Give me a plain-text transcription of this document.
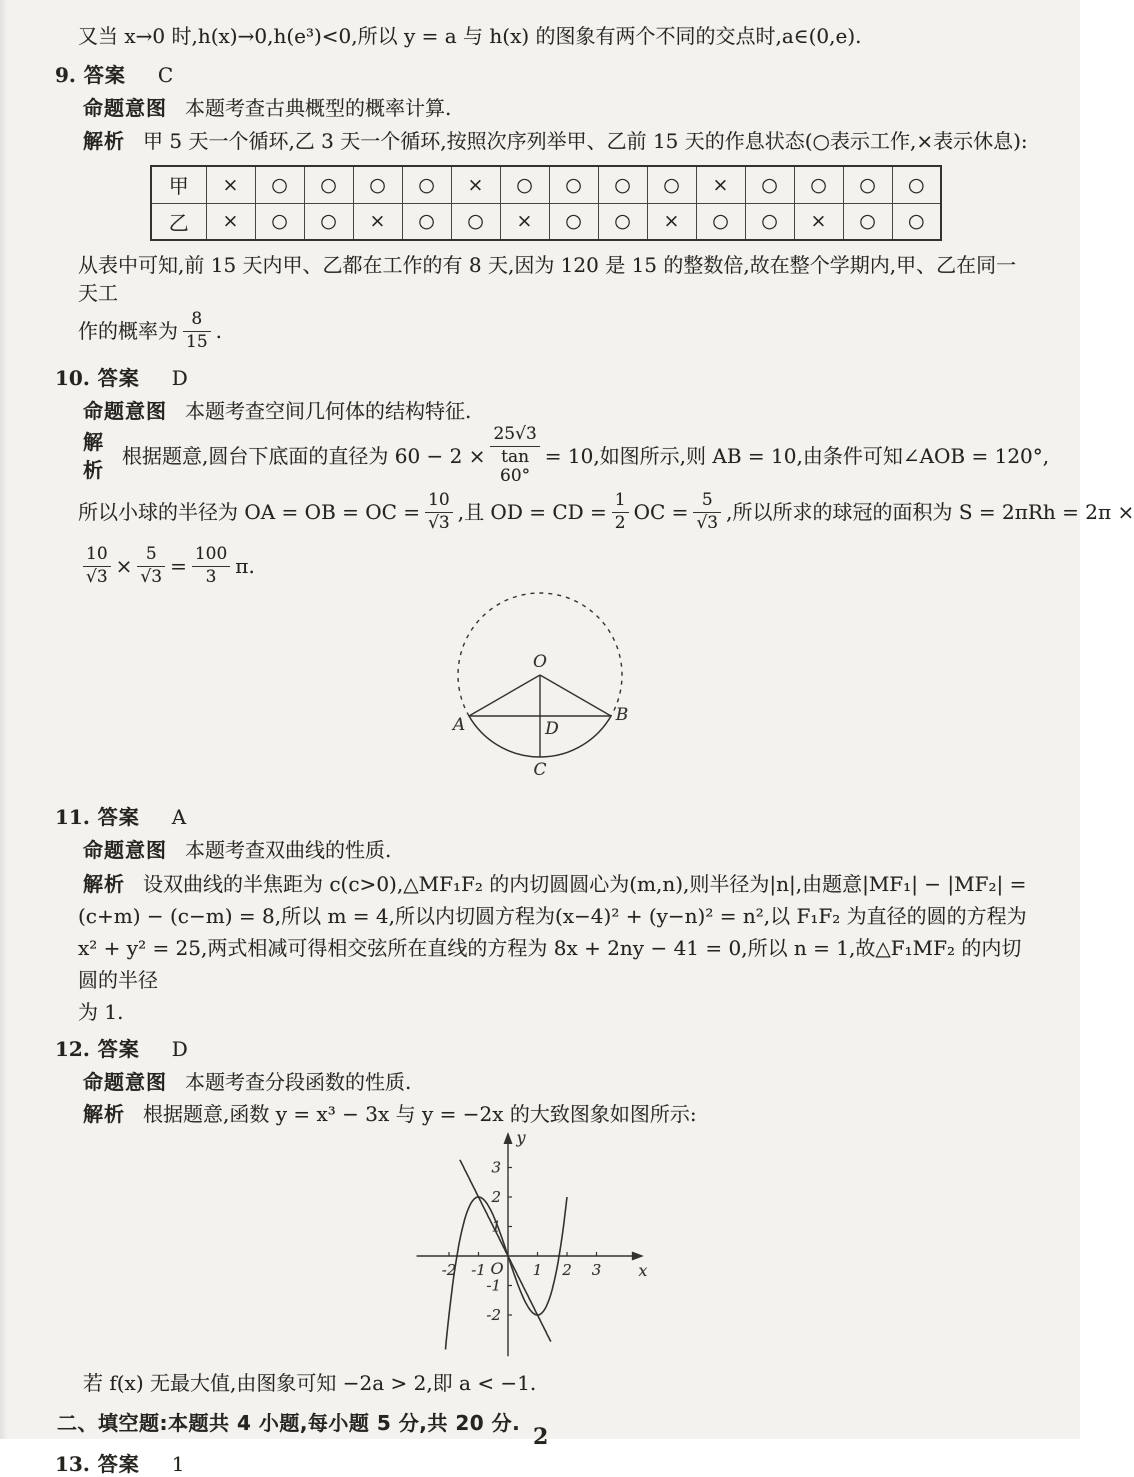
又当 x→0 时,h(x)→0,h(e³)<0,所以 y = a 与 h(x) 的图象有两个不同的交点时,a∈(0,e).

9. 答案 C

命题意图 本题考查古典概型的概率计算.

解析 甲 5 天一个循环,乙 3 天一个循环,按照次序列举甲、乙前 15 天的作息状态(○表示工作,×表示休息):

甲	×	○	○	○	○	×	○	○	○	○	×	○	○	○	○
乙	×	○	○	×	○	○	×	○	○	×	○	○	×	○	○

从表中可知,前 15 天内甲、乙都在工作的有 8 天,因为 120 是 15 的整数倍,故在整个学期内,甲、乙在同一天工

作的概率为 $\frac{8}{15}$ .

10. 答案 D

命题意图 本题考查空间几何体的结构特征.

解析
根据题意,圆台下底面的直径为 $60 - 2 \times \frac{25√3}{\tan 60^\circ} = 10$,如图所示,则 AB = 10,由条件可知∠AOB = 120°,
所以小球的半径为 OA = OB = OC = $\frac{10}{√3}$ ,且 OD = CD = $\frac{1}{2}$ OC = $\frac{5}{√3}$ ,所以所求的球冠的面积为 S = 2πRh = 2π ×
$\frac{10}{√3} \times \frac{5}{√3} = \frac{100}{3} \pi$.
O
A	B
D
C

11. 答案 A

命题意图 本题考查双曲线的性质.

解析 设双曲线的半焦距为 c(c>0),△MF₁F₂ 的内切圆圆心为(m,n),则半径为|n|,由题意|MF₁| − |MF₂| =

(c+m) − (c−m) = 8,所以 m = 4,所以内切圆方程为(x−4)² + (y−n)² = n²,以 F₁F₂ 为直径的圆的方程为

x² + y² = 25,两式相减可得相交弦所在直线的方程为 8x + 2ny − 41 = 0,所以 n = 1,故△F₁MF₂ 的内切圆的半径

为 1.

12. 答案 D

命题意图 本题考查分段函数的性质.

解析 根据题意,函数 y = x³ − 3x 与 y = −2x 的大致图象如图所示:

-2 -1	1 2 3
-2
-1
1
2
3
O	x
y

若 f(x) 无最大值,由图象可知 −2a > 2,即 a < −1.

二、填空题:本题共 4 小题,每小题 5 分,共 20 分.

13. 答案 1

2
